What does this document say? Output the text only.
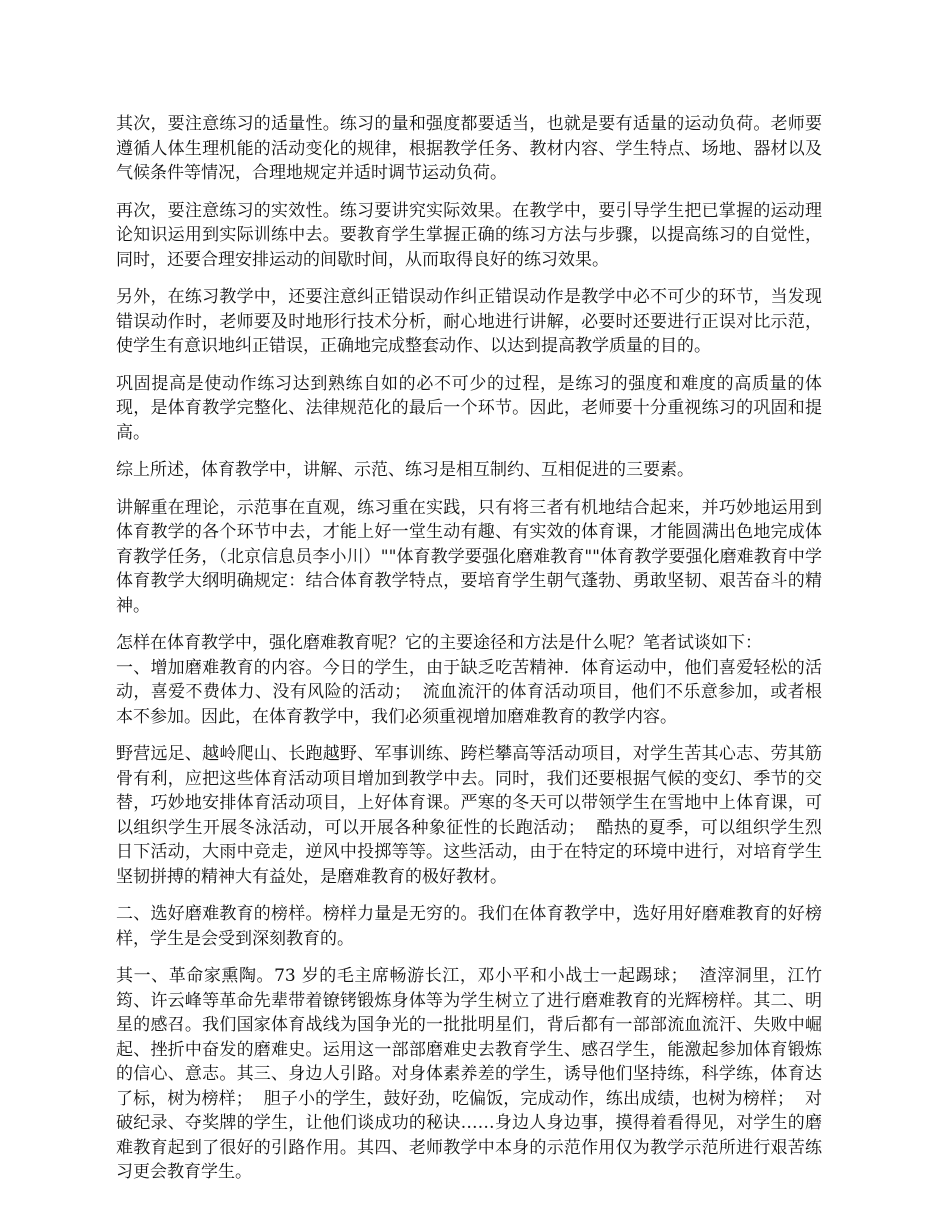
其次，要注意练习的适量性。练习的量和强度都要适当，也就是要有适量的运动负荷。老师要遵循人体生理机能的活动变化的规律，根据教学任务、教材内容、学生特点、场地、器材以及气候条件等情况，合理地规定并适时调节运动负荷。

再次，要注意练习的实效性。练习要讲究实际效果。在教学中，要引导学生把已掌握的运动理论知识运用到实际训练中去。要教育学生掌握正确的练习方法与步骤，以提高练习的自觉性，同时，还要合理安排运动的间歇时间，从而取得良好的练习效果。

另外，在练习教学中，还要注意纠正错误动作纠正错误动作是教学中必不可少的环节，当发现错误动作时，老师要及时地形行技术分析，耐心地进行讲解，必要时还要进行正误对比示范，使学生有意识地纠正错误，正确地完成整套动作、以达到提高教学质量的目的。

巩固提高是使动作练习达到熟练自如的必不可少的过程，是练习的强度和难度的高质量的体现，是体育教学完整化、法律规范化的最后一个环节。因此，老师要十分重视练习的巩固和提高。

综上所述，体育教学中，讲解、示范、练习是相互制约、互相促进的三要素。

讲解重在理论，示范事在直观，练习重在实践，只有将三者有机地结合起来，并巧妙地运用到体育教学的各个环节中去，才能上好一堂生动有趣、有实效的体育课，才能圆满出色地完成体育教学任务，（北京信息员李小川）""体育教学要强化磨难教育""体育教学要强化磨难教育中学体育教学大纲明确规定：结合体育教学特点，要培育学生朝气蓬勃、勇敢坚韧、艰苦奋斗的精神。

怎样在体育教学中，强化磨难教育呢？它的主要途径和方法是什么呢？笔者试谈如下：
一、增加磨难教育的内容。今日的学生，由于缺乏吃苦精神．体育运动中，他们喜爱轻松的活动，喜爱不费体力、没有风险的活动；  流血流汗的体育活动项目，他们不乐意参加，或者根本不参加。因此，在体育教学中，我们必须重视增加磨难教育的教学内容。

野营远足、越岭爬山、长跑越野、军事训练、跨栏攀高等活动项目，对学生苦其心志、劳其筋骨有利，应把这些体育活动项目增加到教学中去。同时，我们还要根据气候的变幻、季节的交替，巧妙地安排体育活动项目，上好体育课。严寒的冬天可以带领学生在雪地中上体育课，可以组织学生开展冬泳活动，可以开展各种象征性的长跑活动；  酷热的夏季，可以组织学生烈日下活动，大雨中竞走，逆风中投掷等等。这些活动，由于在特定的环境中进行，对培育学生坚韧拼搏的精神大有益处，是磨难教育的极好教材。

二、选好磨难教育的榜样。榜样力量是无穷的。我们在体育教学中，选好用好磨难教育的好榜样，学生是会受到深刻教育的。

其一、革命家熏陶。73 岁的毛主席畅游长江，邓小平和小战士一起踢球；  渣滓洞里，江竹筠、许云峰等革命先辈带着镣铐锻炼身体等为学生树立了进行磨难教育的光辉榜样。其二、明星的感召。我们国家体育战线为国争光的一批批明星们，背后都有一部部流血流汗、失败中崛起、挫折中奋发的磨难史。运用这一部部磨难史去教育学生、感召学生，能激起参加体育锻炼的信心、意志。其三、身边人引路。对身体素养差的学生，诱导他们坚持练，科学练，体育达了标，树为榜样；  胆子小的学生，鼓好劲，吃偏饭，完成动作，练出成绩，也树为榜样；  对破纪录、夺奖牌的学生，让他们谈成功的秘诀……身边人身边事，摸得着看得见，对学生的磨难教育起到了很好的引路作用。其四、老师教学中本身的示范作用仅为教学示范所进行艰苦练习更会教育学生。
